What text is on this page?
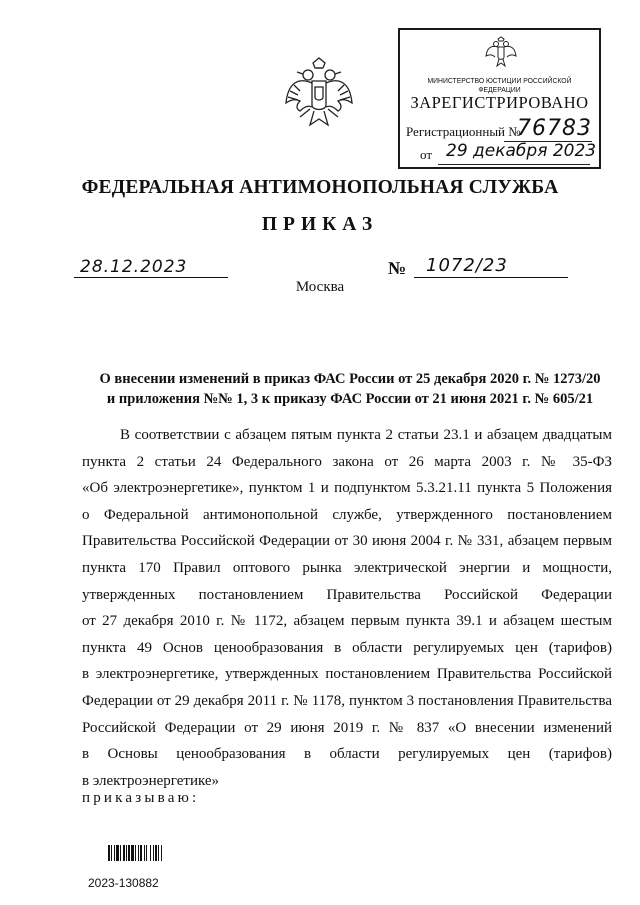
МИНИСТЕРСТВО ЮСТИЦИИ РОССИЙСКОЙ ФЕДЕРАЦИИ
ЗАРЕГИСТРИРОВАНО
Регистрационный №
76783
от 29 декабря 2023
ФЕДЕРАЛЬНАЯ АНТИМОНОПОЛЬНАЯ СЛУЖБА
ПРИКАЗ
28.12.2023	№ 1072/23
Москва
О внесении изменений в приказ ФАС России от 25 декабря 2020 г. № 1273/20
и приложения №№ 1, 3 к приказу ФАС России от 21 июня 2021 г. № 605/21
В соответствии с абзацем пятым пункта 2 статьи 23.1 и абзацем двадцатым
пункта 2 статьи 24 Федерального закона от 26 марта 2003 г. № 35-ФЗ
«Об электроэнергетике», пунктом 1 и подпунктом 5.3.21.11 пункта 5 Положения
о Федеральной антимонопольной службе, утвержденного постановлением
Правительства Российской Федерации от 30 июня 2004 г. № 331, абзацем первым
пункта 170 Правил оптового рынка электрической энергии и мощности,
утвержденных постановлением Правительства Российской Федерации
от 27 декабря 2010 г. № 1172, абзацем первым пункта 39.1 и абзацем шестым
пункта 49 Основ ценообразования в области регулируемых цен (тарифов)
в электроэнергетике, утвержденных постановлением Правительства Российской
Федерации от 29 декабря 2011 г. № 1178, пунктом 3 постановления Правительства
Российской Федерации от 29 июня 2019 г. № 837 «О внесении изменений
в Основы ценообразования в области регулируемых цен (тарифов)
в электроэнергетике»
приказываю:
2023-130882
